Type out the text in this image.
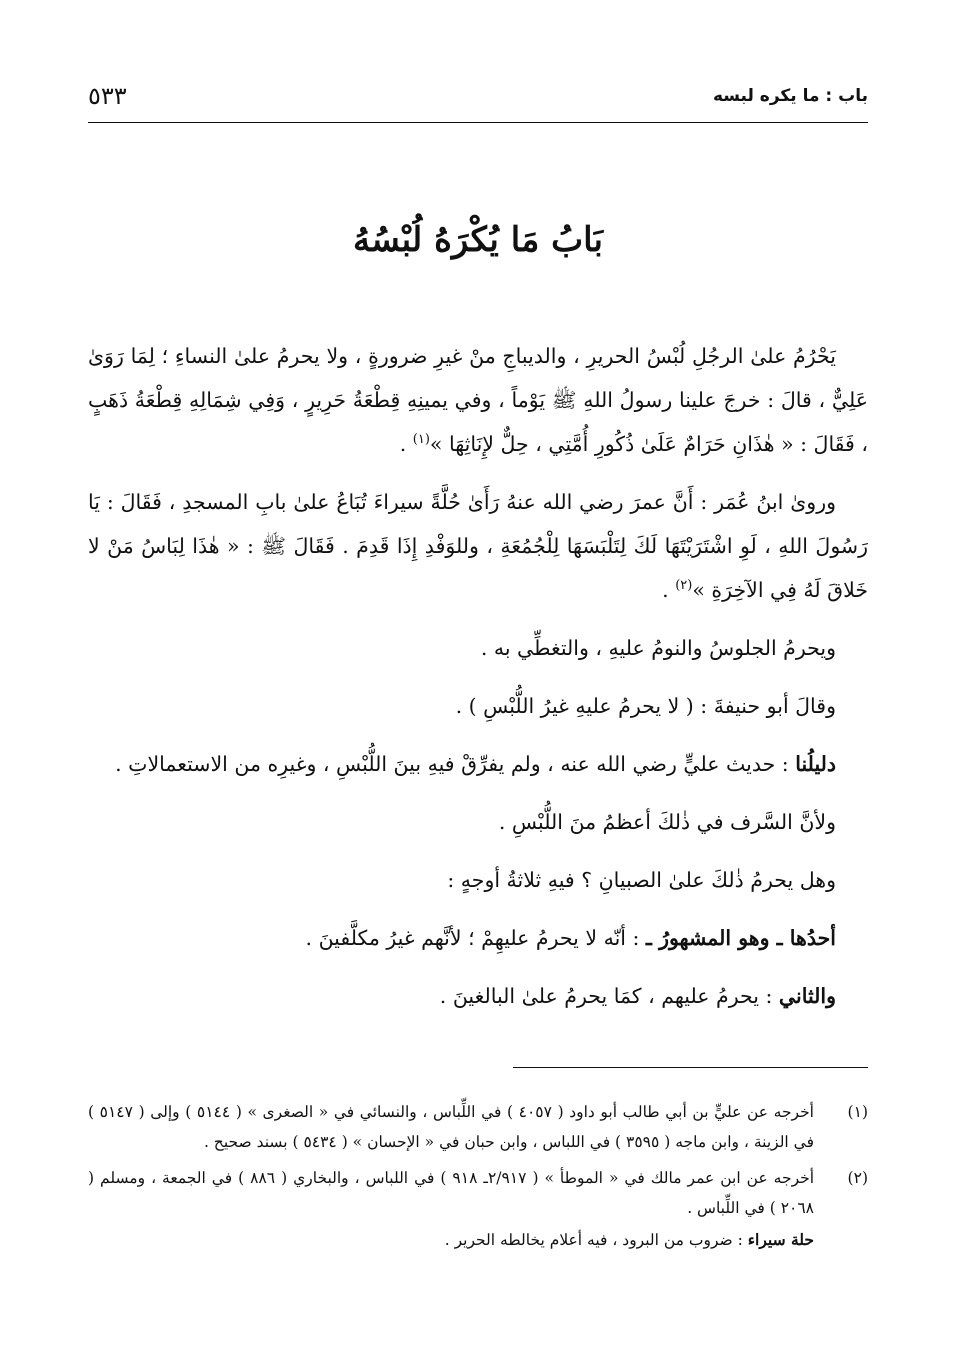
باب : ما يكره لبسه
٥٣٣
بَابُ مَا يُكْرَهُ لُبْسُهُ

يَحْرُمُ علىٰ الرجُلِ لُبْسُ الحريرِ ، والديباجِ منْ غيرِ ضرورةٍ ، ولا يحرمُ علىٰ النساءِ ؛ لِمَا رَوَىٰ عَلِيٌّ ، قالَ : خرجَ علينا رسولُ اللهِ ﷺ يَوْماً ، وفي يمينِهِ قِطْعَةُ حَرِيرٍ ، وَفِي شِمَالِهِ قِطْعَةُ ذَهَبٍ ، فَقَالَ : « هٰذَانِ حَرَامٌ عَلَىٰ ذُكُورِ أُمَّتِي ، حِلٌّ لإِنَاثِهَا »$^{(١)}$ .

ورویٰ ابنُ عُمَر : أَنَّ عمرَ رضي الله عنهُ رَأَىٰ حُلَّةً سيراءَ تُبَاعُ علىٰ بابِ المسجدِ ، فَقَالَ : يَا رَسُولَ اللهِ ، لَوِ اشْتَرَيْتَهَا لَكَ لِتَلْبَسَهَا لِلْجُمُعَةِ ، وللوَفْدِ إِذَا قَدِمَ . فَقَالَ ﷺ : « هٰذَا لِبَاسُ مَنْ لا خَلاقَ لَهُ فِي الآخِرَةِ »$^{(٢)}$ .

ويحرمُ الجلوسُ والنومُ عليهِ ، والتغطِّي به .

وقالَ أبو حنيفةَ : ( لا يحرمُ عليهِ غيرُ اللُّبْسِ ) .

دليلُنا : حديث عليٍّ رضي الله عنه ، ولم يفرِّقْ فيهِ بينَ اللُّبْسِ ، وغيرِه من الاستعمالاتِ .

ولأنَّ السَّرف في ذٰلكَ أعظمُ منَ اللُّبْسِ .

وهل يحرمُ ذٰلكَ علىٰ الصبيانِ ؟ فيهِ ثلاثةُ أوجهٍ :

أحدُها ـ وهو المشهورُ ـ : أنّه لا يحرمُ عليهِمْ ؛ لأنَّهم غيرُ مكلَّفينَ .

والثاني : يحرمُ عليهم ، كمَا يحرمُ علىٰ البالغينَ .

(١)
أخرجه عن عليٍّ بن أبي طالب أبو داود ( ٤٠٥٧ ) في اللِّباس ، والنسائي في « الصغرى » ( ٥١٤٤ ) وإلى ( ٥١٤٧ ) في الزينة ، وابن ماجه ( ٣٥٩٥ ) في اللباس ، وابن حبان في « الإحسان » ( ٥٤٣٤ ) بسند صحيح .
(٢)
أخرجه عن ابن عمر مالك في « الموطأ » ( ٢/٩١٧ـ ٩١٨ ) في اللباس ، والبخاري ( ٨٨٦ ) في الجمعة ، ومسلم ( ٢٠٦٨ ) في اللِّباس .
حلة سيراء : ضروب من البرود ، فيه أعلام يخالطه الحرير .
